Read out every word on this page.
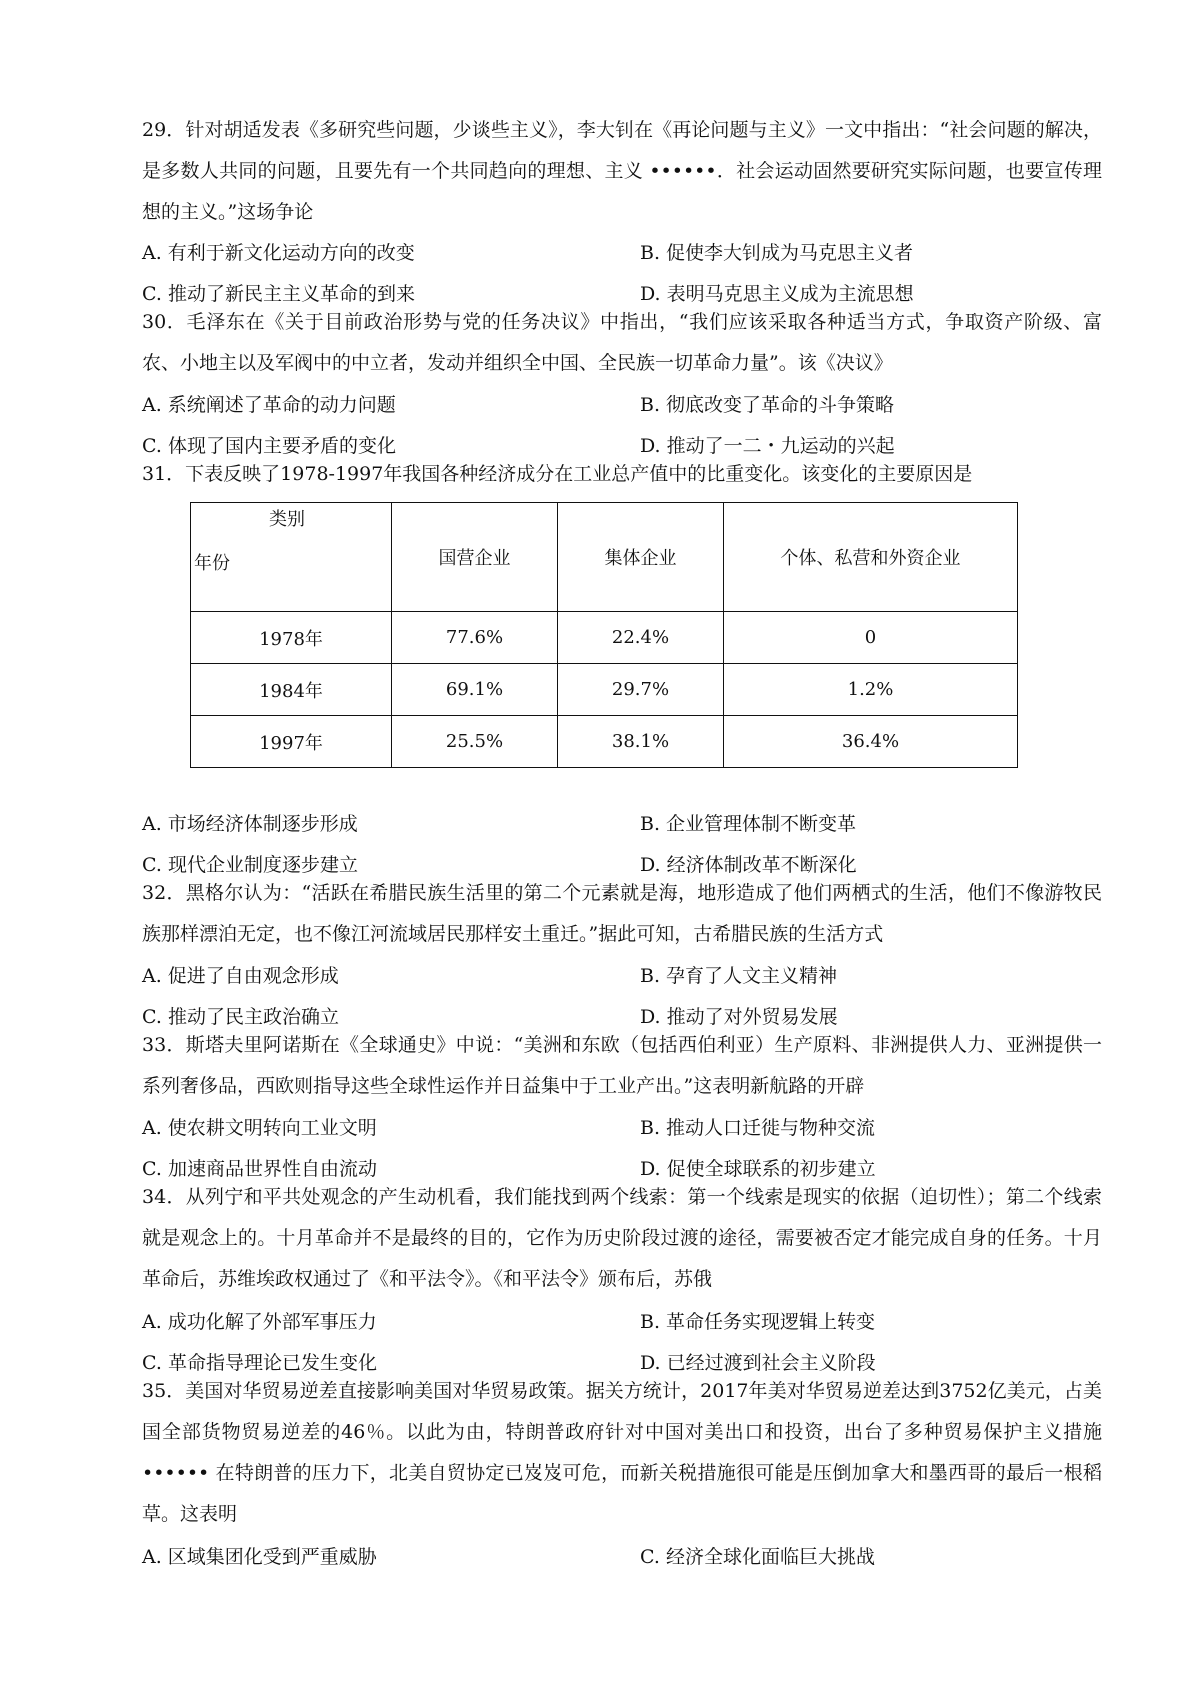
29．针对胡适发表《多研究些问题，少谈些主义》，李大钊在《再论问题与主义》一文中指出：“社会问题的解决，是多数人共同的问题，且要先有一个共同趋向的理想、主义 ••••••．社会运动固然要研究实际问题，也要宣传理想的主义。”这场争论
A. 有利于新文化运动方向的改变	B. 促使李大钊成为马克思主义者
C. 推动了新民主主义革命的到来	D. 表明马克思主义成为主流思想
30．毛泽东在《关于目前政治形势与党的任务决议》中指出，“我们应该采取各种适当方式，争取资产阶级、富农、小地主以及军阀中的中立者，发动并组织全中国、全民族一切革命力量”。该《决议》
A. 系统阐述了革命的动力问题	B. 彻底改变了革命的斗争策略
C. 体现了国内主要矛盾的变化	D. 推动了一二・九运动的兴起
31．下表反映了1978-1997年我国各种经济成分在工业总产值中的比重变化。该变化的主要原因是
类别
年份	国营企业	集体企业	个体、私营和外资企业
1978年	77.6%	22.4%	0
1984年	69.1%	29.7%	1.2%
1997年	25.5%	38.1%	36.4%
A. 市场经济体制逐步形成	B. 企业管理体制不断变革
C. 现代企业制度逐步建立	D. 经济体制改革不断深化
32．黑格尔认为：“活跃在希腊民族生活里的第二个元素就是海，地形造成了他们两栖式的生活，他们不像游牧民族那样漂泊无定，也不像江河流域居民那样安土重迁。”据此可知，古希腊民族的生活方式
A. 促进了自由观念形成	B. 孕育了人文主义精神
C. 推动了民主政治确立	D. 推动了对外贸易发展
33．斯塔夫里阿诺斯在《全球通史》中说：“美洲和东欧（包括西伯利亚）生产原料、非洲提供人力、亚洲提供一系列奢侈品，西欧则指导这些全球性运作并日益集中于工业产出。”这表明新航路的开辟
A. 使农耕文明转向工业文明	B. 推动人口迁徙与物种交流
C. 加速商品世界性自由流动	D. 促使全球联系的初步建立
34．从列宁和平共处观念的产生动机看，我们能找到两个线索：第一个线索是现实的依据（迫切性）；第二个线索就是观念上的。十月革命并不是最终的目的，它作为历史阶段过渡的途径，需要被否定才能完成自身的任务。十月革命后，苏维埃政权通过了《和平法令》。《和平法令》颁布后，苏俄
A. 成功化解了外部军事压力	B. 革命任务实现逻辑上转变
C. 革命指导理论已发生变化	D. 已经过渡到社会主义阶段
35．美国对华贸易逆差直接影响美国对华贸易政策。据关方统计，2017年美对华贸易逆差达到3752亿美元，占美国全部货物贸易逆差的46％。以此为由，特朗普政府针对中国对美出口和投资，出台了多种贸易保护主义措施 •••••• 在特朗普的压力下，北美自贸协定已岌岌可危，而新关税措施很可能是压倒加拿大和墨西哥的最后一根稻草。这表明
A. 区域集团化受到严重威胁	C. 经济全球化面临巨大挑战
